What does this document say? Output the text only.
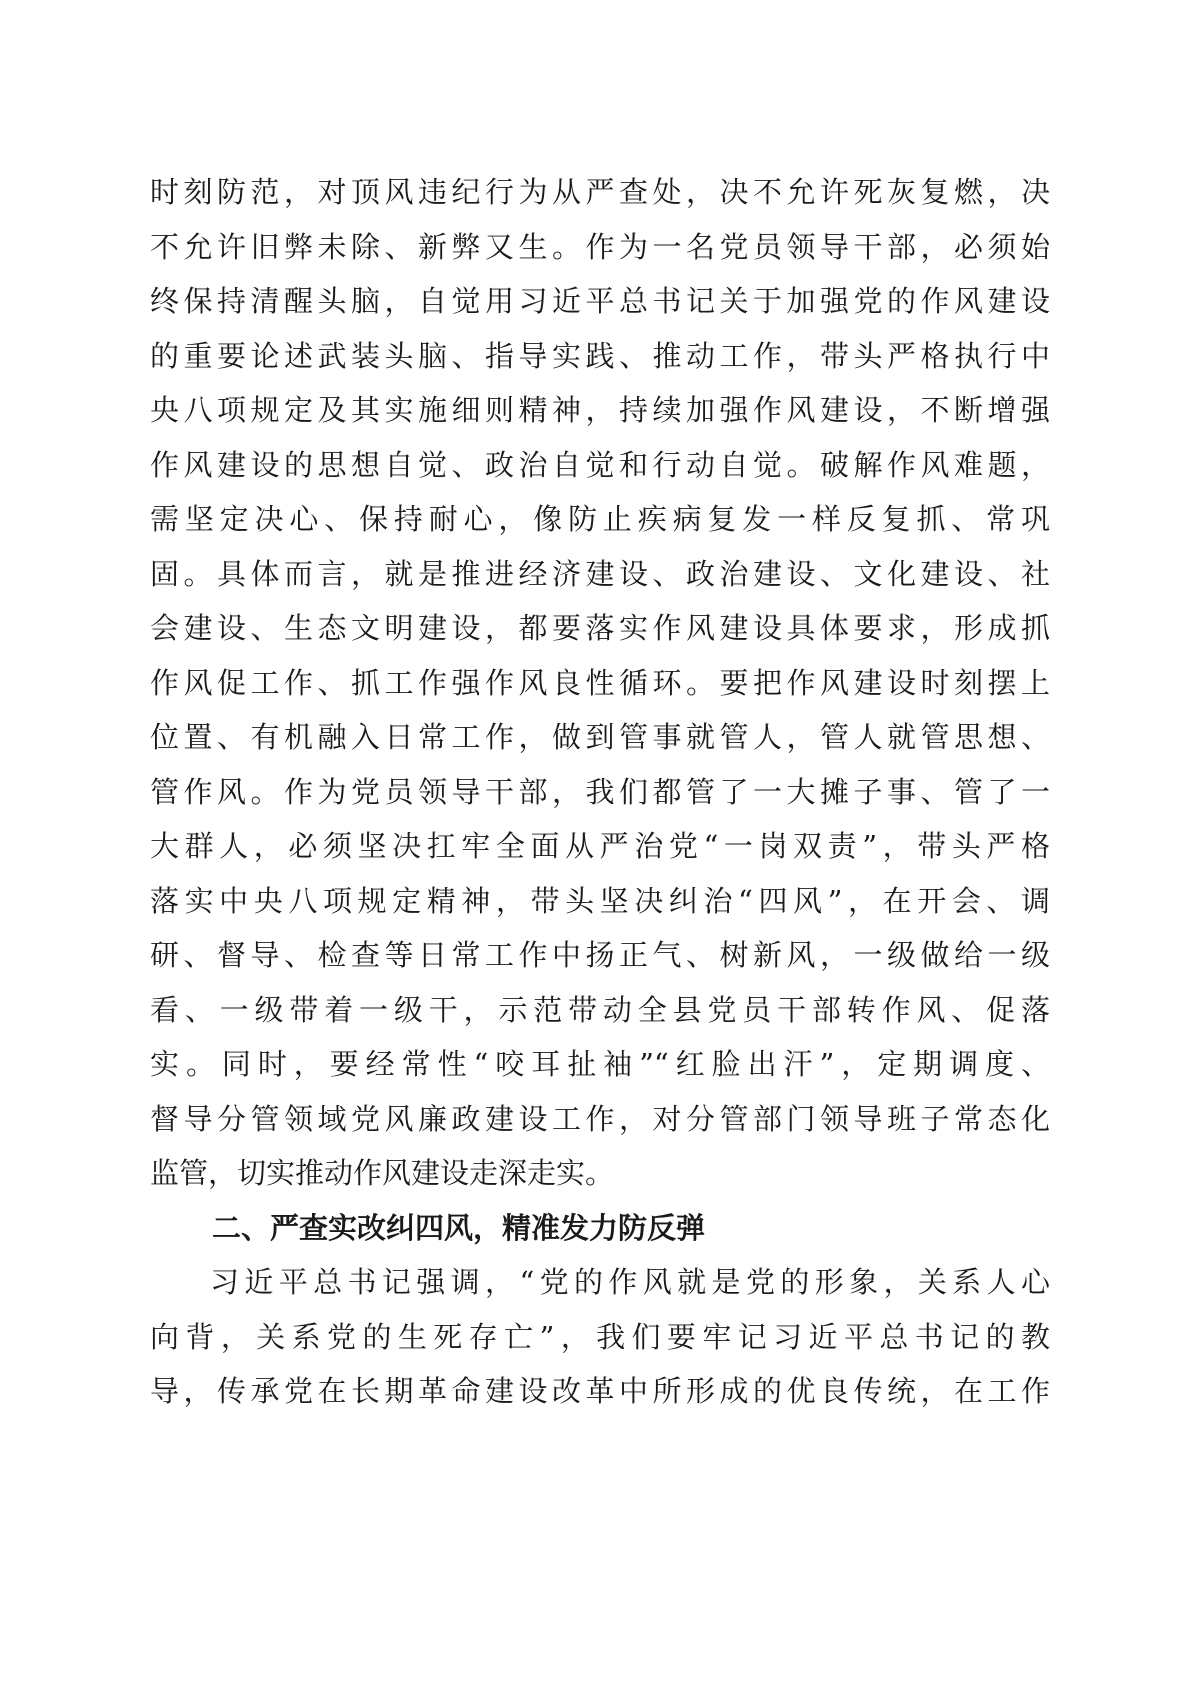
时刻防范，对顶风违纪行为从严查处，决不允许死灰复燃，决
不允许旧弊未除、新弊又生。作为一名党员领导干部，必须始
终保持清醒头脑，自觉用习近平总书记关于加强党的作风建设
的重要论述武装头脑、指导实践、推动工作，带头严格执行中
央八项规定及其实施细则精神，持续加强作风建设，不断增强
作风建设的思想自觉、政治自觉和行动自觉。破解作风难题，
需坚定决心、保持耐心，像防止疾病复发一样反复抓、常巩
固。具体而言，就是推进经济建设、政治建设、文化建设、社
会建设、生态文明建设，都要落实作风建设具体要求，形成抓
作风促工作、抓工作强作风良性循环。要把作风建设时刻摆上
位置、有机融入日常工作，做到管事就管人，管人就管思想、
管作风。作为党员领导干部，我们都管了一大摊子事、管了一
大群人，必须坚决扛牢全面从严治党“一岗双责”，带头严格
落实中央八项规定精神，带头坚决纠治“四风”，在开会、调
研、督导、检查等日常工作中扬正气、树新风，一级做给一级
看、一级带着一级干，示范带动全县党员干部转作风、促落
实。同时，要经常性“咬耳扯袖”“红脸出汗”，定期调度、
督导分管领域党风廉政建设工作，对分管部门领导班子常态化
监管，切实推动作风建设走深走实。
二、严查实改纠四风，精准发力防反弹
习近平总书记强调，“党的作风就是党的形象，关系人心
向背，关系党的生死存亡”，我们要牢记习近平总书记的教
导，传承党在长期革命建设改革中所形成的优良传统，在工作
